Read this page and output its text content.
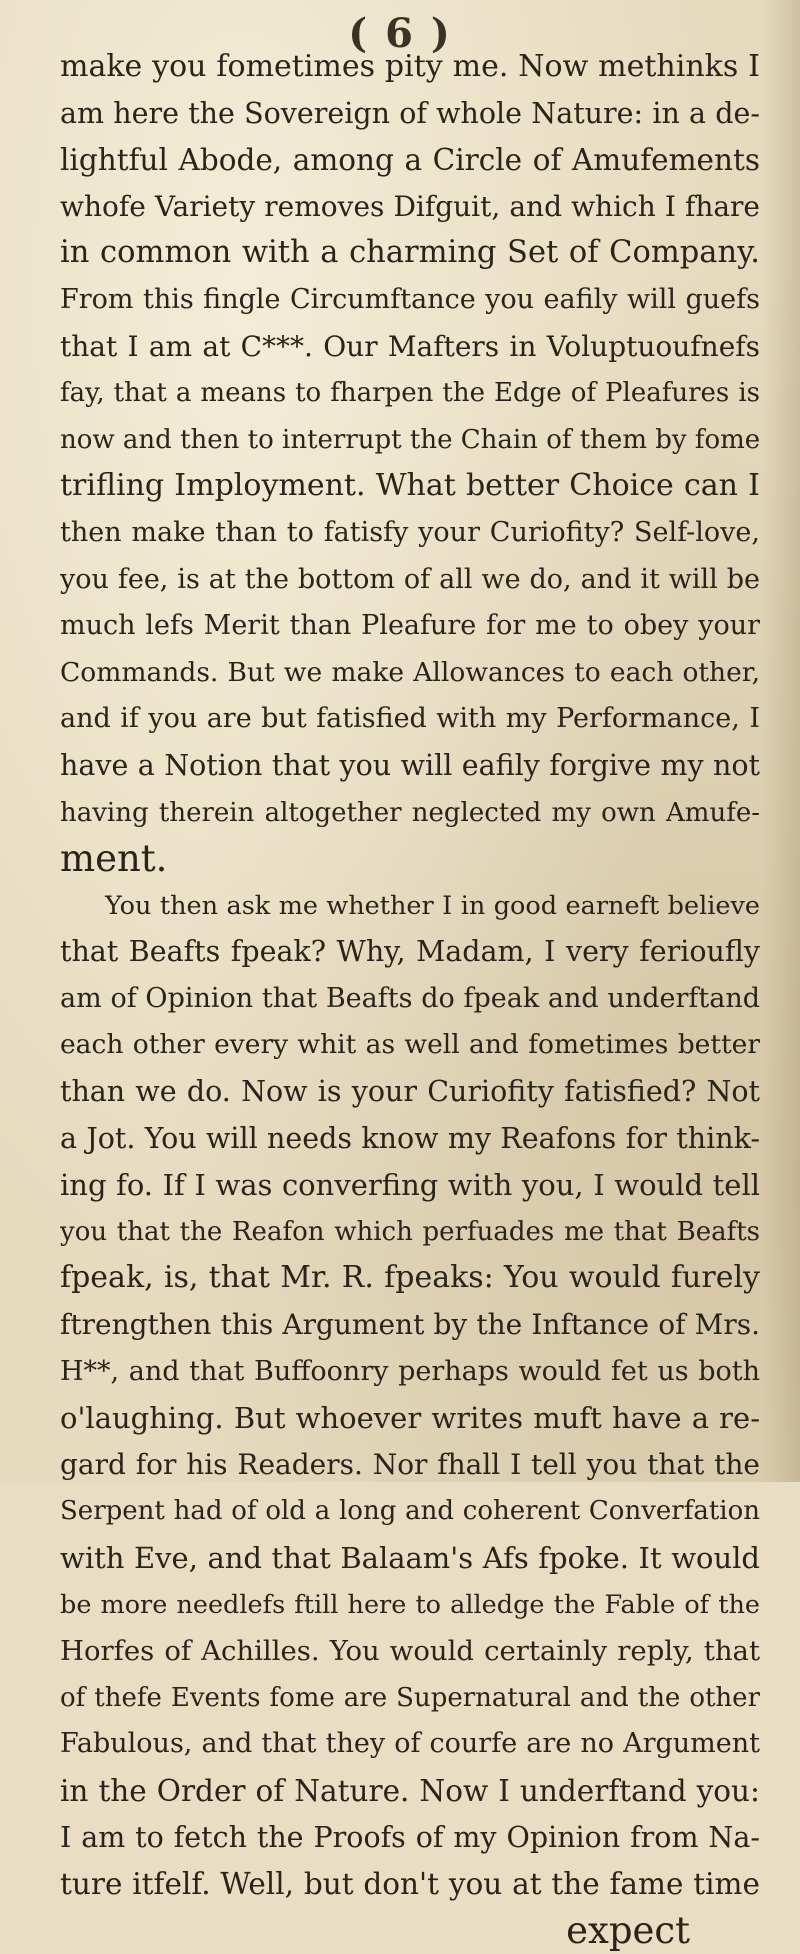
( 6 )
make you fometimes pity me. Now methinks I
am here the Sovereign of whole Nature: in a de-
lightful Abode, among a Circle of Amufements
whofe Variety removes Difguit, and which I fhare
in common with a charming Set of Company.
From this fingle Circumftance you eafily will guefs
that I am at C***. Our Mafters in Voluptuoufnefs
fay, that a means to fharpen the Edge of Pleafures is
now and then to interrupt the Chain of them by fome
trifling Imployment. What better Choice can I
then make than to fatisfy your Curiofity? Self-love,
you fee, is at the bottom of all we do, and it will be
much lefs Merit than Pleafure for me to obey your
Commands. But we make Allowances to each other,
and if you are but fatisfied with my Performance, I
have a Notion that you will eafily forgive my not
having therein altogether neglected my own Amufe-
ment.
You then ask me whether I in good earneft believe
that Beafts fpeak? Why, Madam, I very ferioufly
am of Opinion that Beafts do fpeak and underftand
each other every whit as well and fometimes better
than we do. Now is your Curiofity fatisfied? Not
a Jot. You will needs know my Reafons for think-
ing fo. If I was converfing with you, I would tell
you that the Reafon which perfuades me that Beafts
fpeak, is, that Mr. R. fpeaks: You would furely
ftrengthen this Argument by the Inftance of Mrs.
H**, and that Buffoonry perhaps would fet us both
o'laughing. But whoever writes muft have a re-
gard for his Readers. Nor fhall I tell you that the
Serpent had of old a long and coherent Converfation
with Eve, and that Balaam's Afs fpoke. It would
be more needlefs ftill here to alledge the Fable of the
Horfes of Achilles. You would certainly reply, that
of thefe Events fome are Supernatural and the other
Fabulous, and that they of courfe are no Argument
in the Order of Nature. Now I underftand you:
I am to fetch the Proofs of my Opinion from Na-
ture itfelf. Well, but don't you at the fame time
expect
